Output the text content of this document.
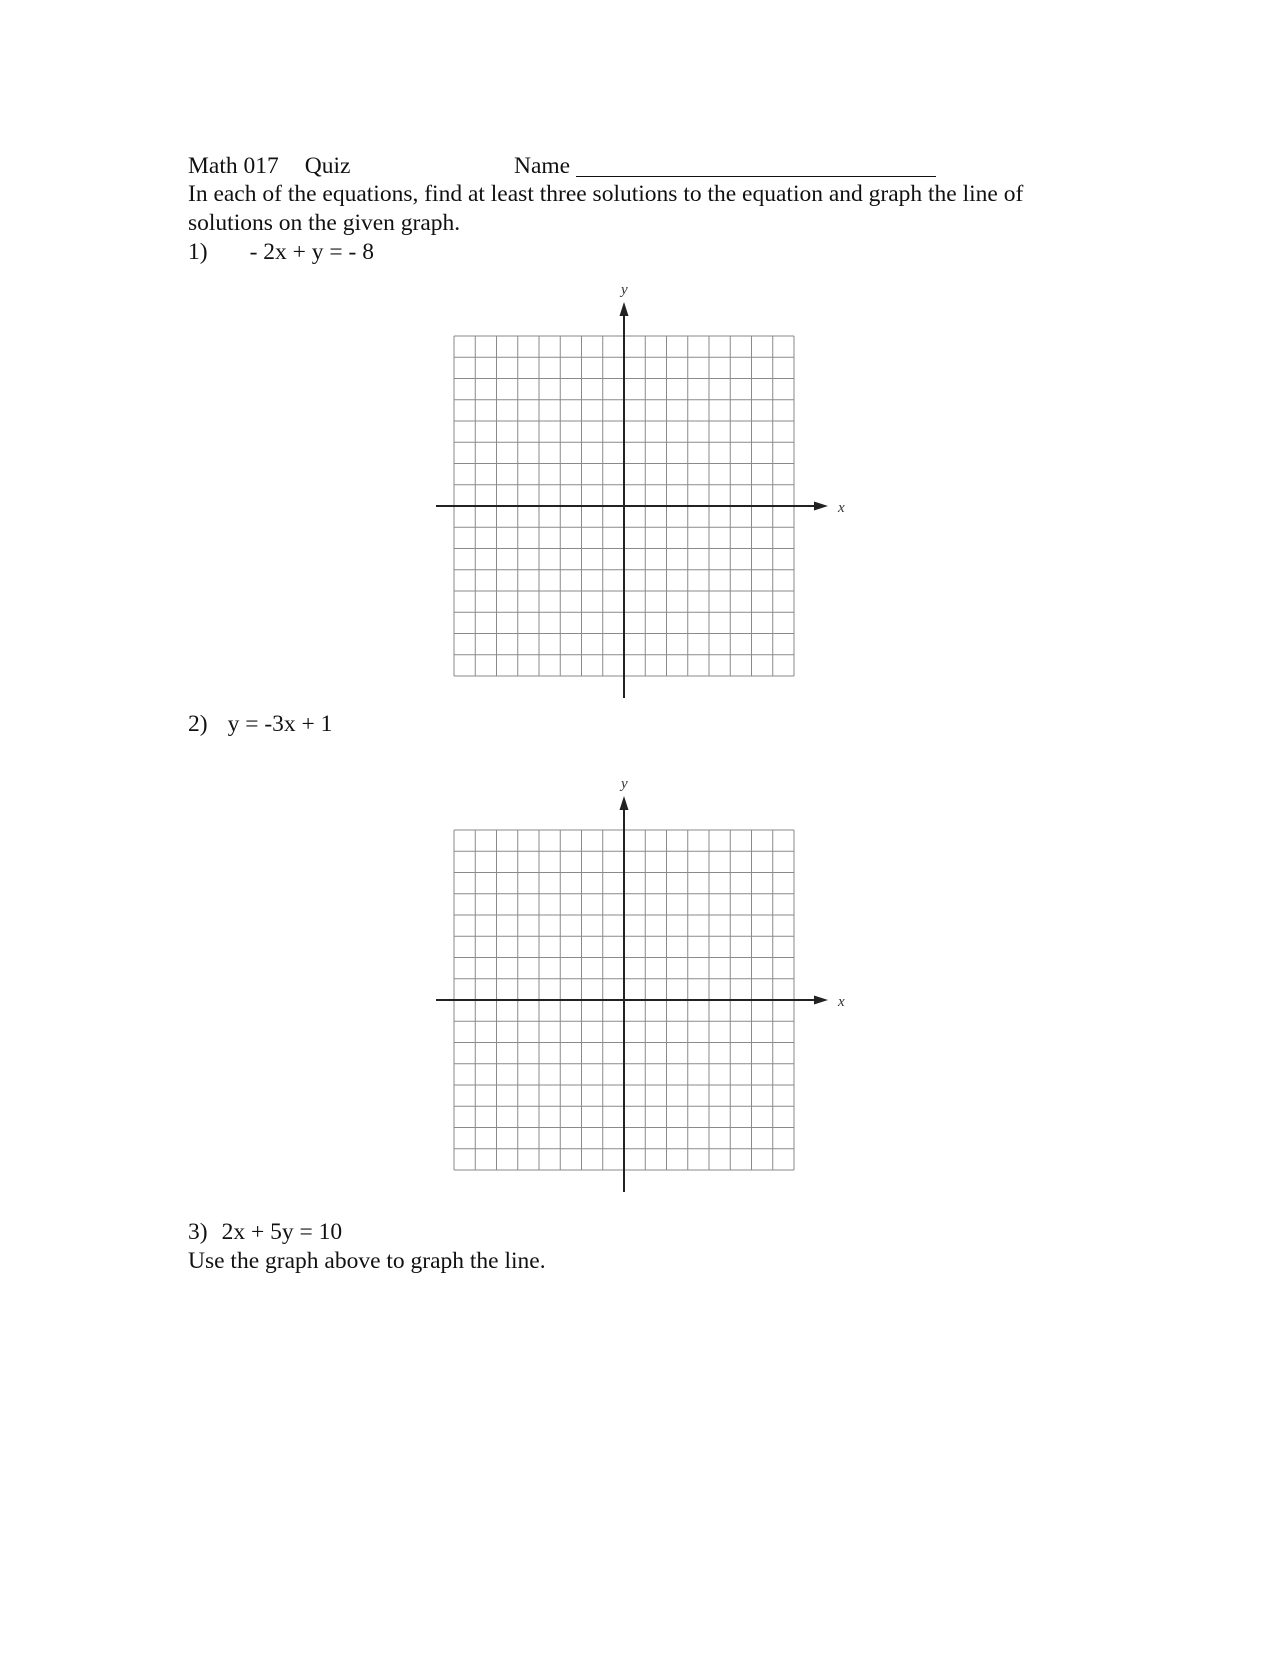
Math 017 Quiz	Name
In each of the equations, find at least three solutions to the equation and graph the line of
solutions on the given graph.
1) - 2x + y = - 8
x
y
2) y = -3x + 1
x
y
3) 2x + 5y = 10
Use the graph above to graph the line.
